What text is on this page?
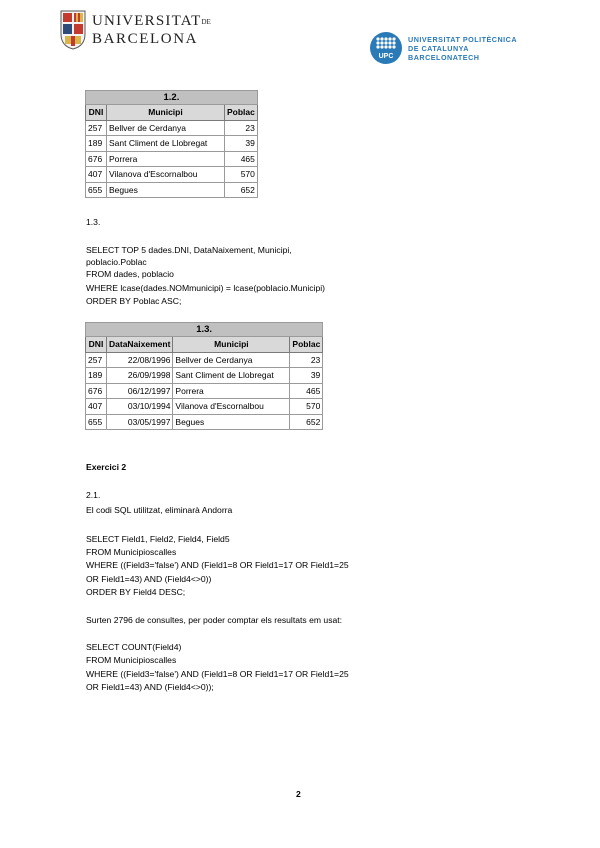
UNIVERSITATDE
BARCELONA
UPC
UNIVERSITAT POLITÈCNICA
DE CATALUNYA
BARCELONATECH
1.2.		
DNI	Municipi	Poblac
257	Bellver de Cerdanya	23
189	Sant Climent de Llobregat	39
676	Porrera	465
407	Vilanova d'Escornalbou	570
655	Begues	652
1.3.
SELECT TOP 5 dades.DNI, DataNaixement, Municipi,
poblacio.Poblac
FROM dades, poblacio
WHERE lcase(dades.NOMmunicipi) = lcase(poblacio.Municipi)
ORDER BY Poblac ASC;
1.3.			
DNI	DataNaixement	Municipi	Poblac
257	22/08/1996	Bellver de Cerdanya	23
189	26/09/1998	Sant Climent de Llobregat	39
676	06/12/1997	Porrera	465
407	03/10/1994	Vilanova d'Escornalbou	570
655	03/05/1997	Begues	652
Exercici 2
2.1.
El codi SQL utilitzat, eliminarà Andorra
SELECT Field1, Field2, Field4, Field5
FROM Municipioscalles
WHERE ((Field3='false') AND (Field1=8 OR Field1=17 OR Field1=25
OR Field1=43) AND (Field4<>0))
ORDER BY Field4 DESC;
Surten 2796 de consultes, per poder comptar els resultats em usat:
SELECT COUNT(Field4)
FROM Municipioscalles
WHERE ((Field3='false') AND (Field1=8 OR Field1=17 OR Field1=25
OR Field1=43) AND (Field4<>0));
2
